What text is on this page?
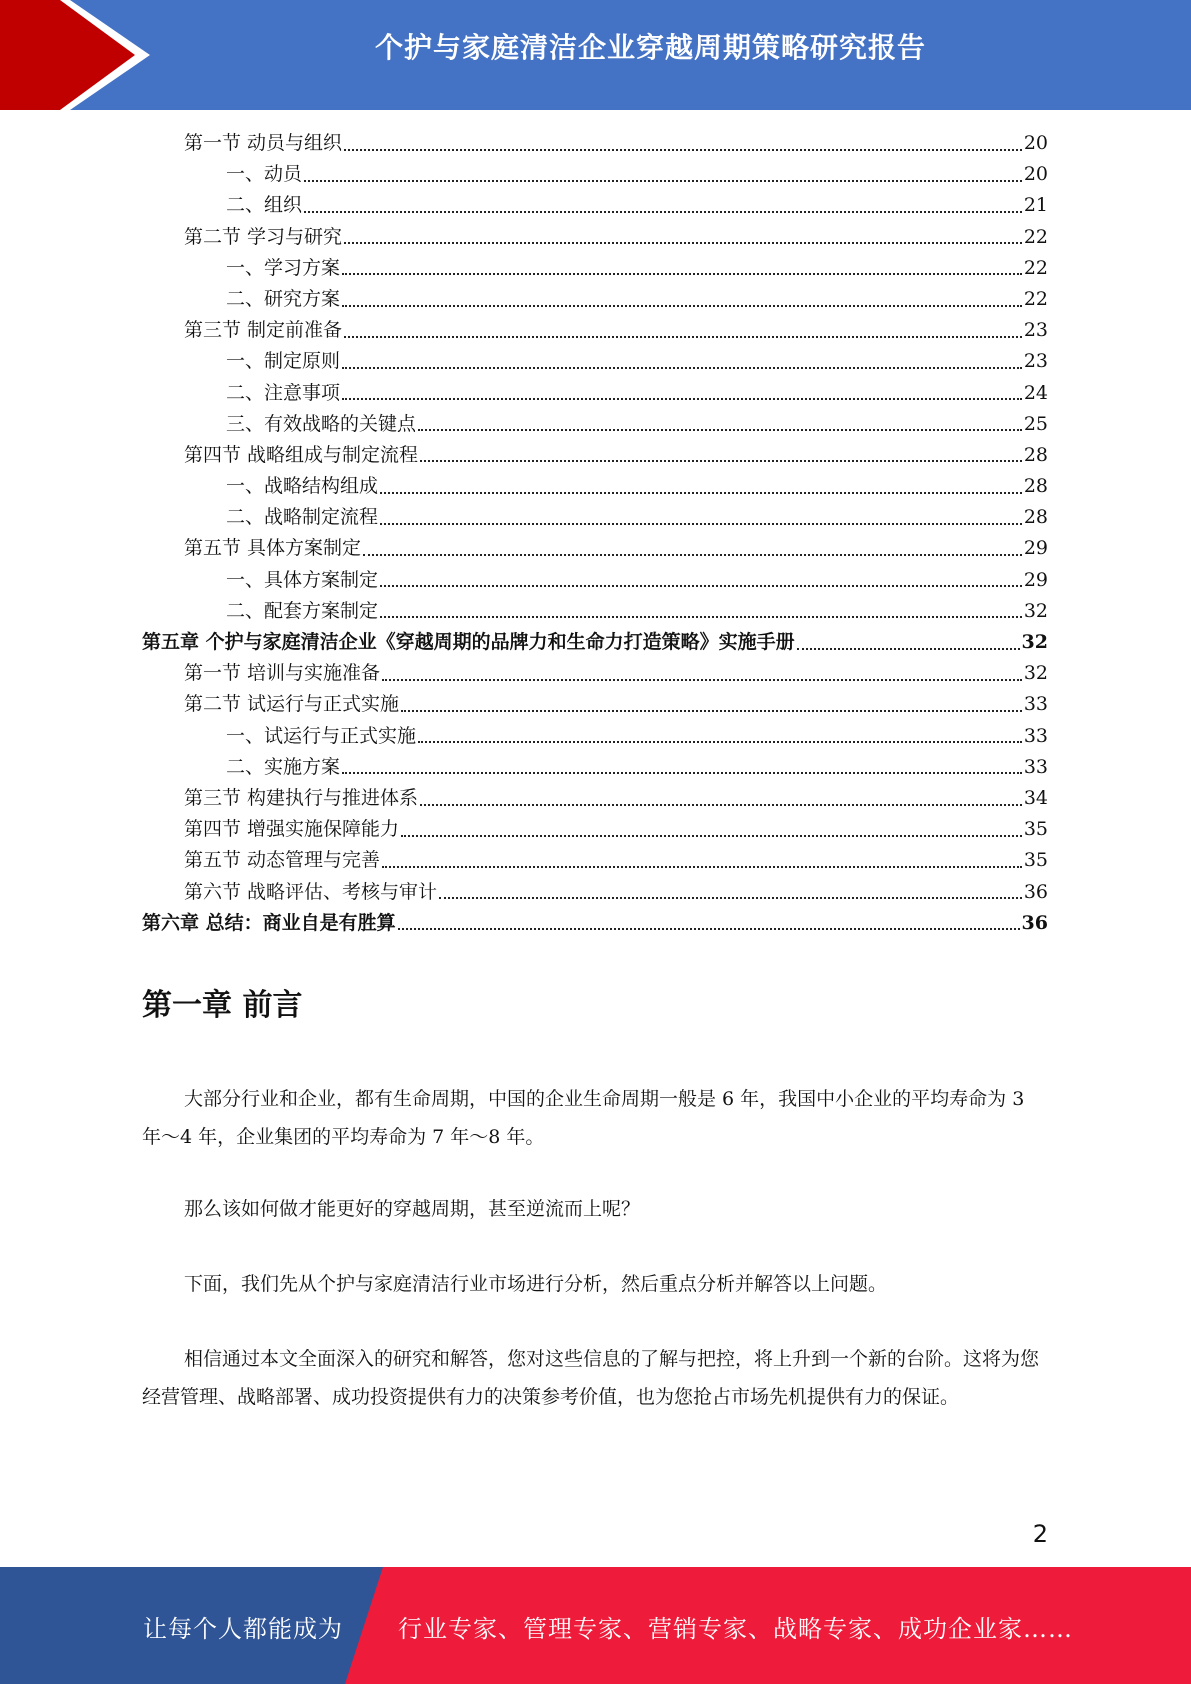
个护与家庭清洁企业穿越周期策略研究报告
第一节 动员与组织	20
一、动员	20
二、组织	21
第二节 学习与研究	22
一、学习方案	22
二、研究方案	22
第三节 制定前准备	23
一、制定原则	23
二、注意事项	24
三、有效战略的关键点	25
第四节 战略组成与制定流程	28
一、战略结构组成	28
二、战略制定流程	28
第五节 具体方案制定	29
一、具体方案制定	29
二、配套方案制定	32
第五章 个护与家庭清洁企业《穿越周期的品牌力和生命力打造策略》实施手册	32
第一节 培训与实施准备	32
第二节 试运行与正式实施	33
一、试运行与正式实施	33
二、实施方案	33
第三节 构建执行与推进体系	34
第四节 增强实施保障能力	35
第五节 动态管理与完善	35
第六节 战略评估、考核与审计	36
第六章 总结：商业自是有胜算	36
第一章 前言

大部分行业和企业，都有生命周期，中国的企业生命周期一般是 6 年，我国中小企业的平均寿命为 3 年～4 年，企业集团的平均寿命为 7 年～8 年。

那么该如何做才能更好的穿越周期，甚至逆流而上呢？

下面，我们先从个护与家庭清洁行业市场进行分析，然后重点分析并解答以上问题。

相信通过本文全面深入的研究和解答，您对这些信息的了解与把控，将上升到一个新的台阶。这将为您经营管理、战略部署、成功投资提供有力的决策参考价值，也为您抢占市场先机提供有力的保证。

2
让每个人都能成为 行业专家、管理专家、营销专家、战略专家、成功企业家……
